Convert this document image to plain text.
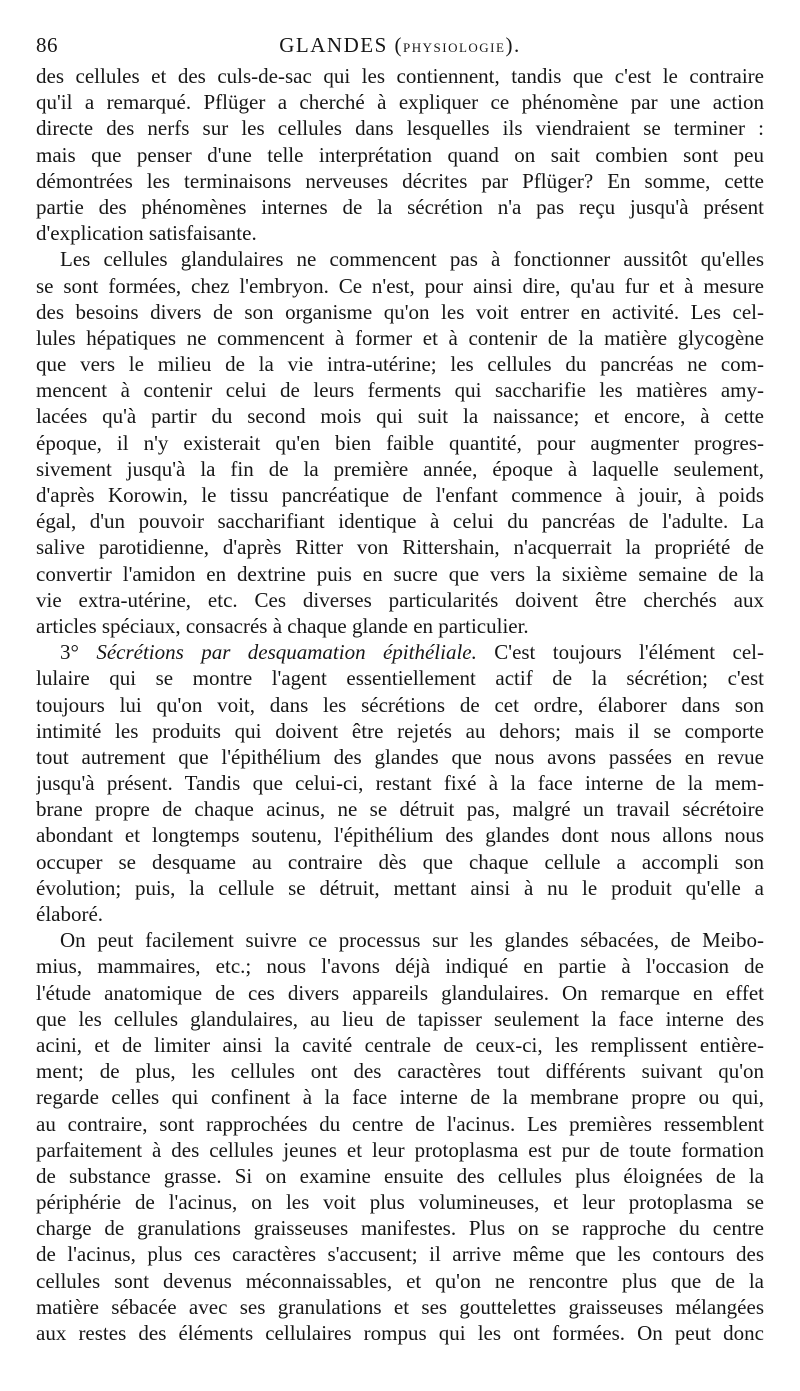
86	GLANDES (PHYSIOLOGIE).
des cellules et des culs-de-sac qui les contiennent, tandis que c'est le contraire
qu'il a remarqué. Pflüger a cherché à expliquer ce phénomène par une action
directe des nerfs sur les cellules dans lesquelles ils viendraient se terminer :
mais que penser d'une telle interprétation quand on sait combien sont peu
démontrées les terminaisons nerveuses décrites par Pflüger? En somme, cette
partie des phénomènes internes de la sécrétion n'a pas reçu jusqu'à présent
d'explication satisfaisante.
Les cellules glandulaires ne commencent pas à fonctionner aussitôt qu'elles
se sont formées, chez l'embryon. Ce n'est, pour ainsi dire, qu'au fur et à mesure
des besoins divers de son organisme qu'on les voit entrer en activité. Les cel-
lules hépatiques ne commencent à former et à contenir de la matière glycogène
que vers le milieu de la vie intra-utérine; les cellules du pancréas ne com-
mencent à contenir celui de leurs ferments qui saccharifie les matières amy-
lacées qu'à partir du second mois qui suit la naissance; et encore, à cette
époque, il n'y existerait qu'en bien faible quantité, pour augmenter progres-
sivement jusqu'à la fin de la première année, époque à laquelle seulement,
d'après Korowin, le tissu pancréatique de l'enfant commence à jouir, à poids
égal, d'un pouvoir saccharifiant identique à celui du pancréas de l'adulte. La
salive parotidienne, d'après Ritter von Rittershain, n'acquerrait la propriété de
convertir l'amidon en dextrine puis en sucre que vers la sixième semaine de la
vie extra-utérine, etc. Ces diverses particularités doivent être cherchés aux
articles spéciaux, consacrés à chaque glande en particulier.
3° Sécrétions par desquamation épithéliale. C'est toujours l'élément cel-
lulaire qui se montre l'agent essentiellement actif de la sécrétion; c'est
toujours lui qu'on voit, dans les sécrétions de cet ordre, élaborer dans son
intimité les produits qui doivent être rejetés au dehors; mais il se comporte
tout autrement que l'épithélium des glandes que nous avons passées en revue
jusqu'à présent. Tandis que celui-ci, restant fixé à la face interne de la mem-
brane propre de chaque acinus, ne se détruit pas, malgré un travail sécrétoire
abondant et longtemps soutenu, l'épithélium des glandes dont nous allons nous
occuper se desquame au contraire dès que chaque cellule a accompli son
évolution; puis, la cellule se détruit, mettant ainsi à nu le produit qu'elle a
élaboré.
On peut facilement suivre ce processus sur les glandes sébacées, de Meibo-
mius, mammaires, etc.; nous l'avons déjà indiqué en partie à l'occasion de
l'étude anatomique de ces divers appareils glandulaires. On remarque en effet
que les cellules glandulaires, au lieu de tapisser seulement la face interne des
acini, et de limiter ainsi la cavité centrale de ceux-ci, les remplissent entière-
ment; de plus, les cellules ont des caractères tout différents suivant qu'on
regarde celles qui confinent à la face interne de la membrane propre ou qui,
au contraire, sont rapprochées du centre de l'acinus. Les premières ressemblent
parfaitement à des cellules jeunes et leur protoplasma est pur de toute formation
de substance grasse. Si on examine ensuite des cellules plus éloignées de la
périphérie de l'acinus, on les voit plus volumineuses, et leur protoplasma se
charge de granulations graisseuses manifestes. Plus on se rapproche du centre
de l'acinus, plus ces caractères s'accusent; il arrive même que les contours des
cellules sont devenus méconnaissables, et qu'on ne rencontre plus que de la
matière sébacée avec ses granulations et ses gouttelettes graisseuses mélangées
aux restes des éléments cellulaires rompus qui les ont formées. On peut donc
